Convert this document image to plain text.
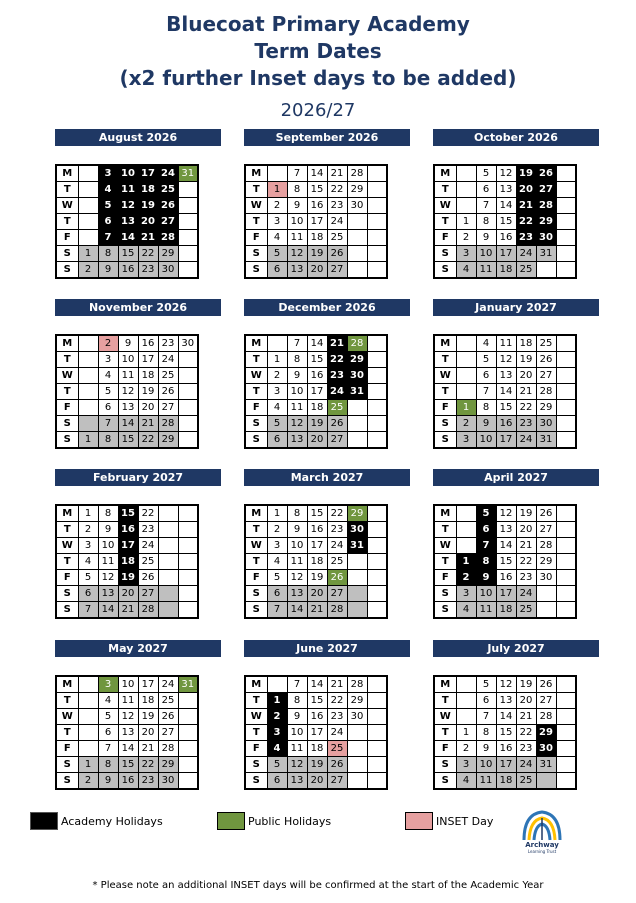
Bluecoat Primary Academy
Term Dates
(x2 further Inset days to be added)
2026/27
August 2026
M		3	10	17	24	31
T		4	11	18	25	
W		5	12	19	26	
T		6	13	20	27	
F		7	14	21	28	
S	1	8	15	22	29	
S	2	9	16	23	30	
September 2026
M		7	14	21	28	
T	1	8	15	22	29	
W	2	9	16	23	30	
T	3	10	17	24		
F	4	11	18	25		
S	5	12	19	26		
S	6	13	20	27		
October 2026
M		5	12	19	26	
T		6	13	20	27	
W		7	14	21	28	
T	1	8	15	22	29	
F	2	9	16	23	30	
S	3	10	17	24	31	
S	4	11	18	25		
November 2026
M		2	9	16	23	30
T		3	10	17	24	
W		4	11	18	25	
T		5	12	19	26	
F		6	13	20	27	
S		7	14	21	28	
S	1	8	15	22	29	
December 2026
M		7	14	21	28	
T	1	8	15	22	29	
W	2	9	16	23	30	
T	3	10	17	24	31	
F	4	11	18	25		
S	5	12	19	26		
S	6	13	20	27		
January 2027
M		4	11	18	25	
T		5	12	19	26	
W		6	13	20	27	
T		7	14	21	28	
F	1	8	15	22	29	
S	2	9	16	23	30	
S	3	10	17	24	31	
February 2027
M	1	8	15	22		
T	2	9	16	23		
W	3	10	17	24		
T	4	11	18	25		
F	5	12	19	26		
S	6	13	20	27		
S	7	14	21	28		
March 2027
M	1	8	15	22	29	
T	2	9	16	23	30	
W	3	10	17	24	31	
T	4	11	18	25		
F	5	12	19	26		
S	6	13	20	27		
S	7	14	21	28		
April 2027
M		5	12	19	26	
T		6	13	20	27	
W		7	14	21	28	
T	1	8	15	22	29	
F	2	9	16	23	30	
S	3	10	17	24		
S	4	11	18	25		
May 2027
M		3	10	17	24	31
T		4	11	18	25	
W		5	12	19	26	
T		6	13	20	27	
F		7	14	21	28	
S	1	8	15	22	29	
S	2	9	16	23	30	
June 2027
M		7	14	21	28	
T	1	8	15	22	29	
W	2	9	16	23	30	
T	3	10	17	24		
F	4	11	18	25		
S	5	12	19	26		
S	6	13	20	27		
July 2027
M		5	12	19	26	
T		6	13	20	27	
W		7	14	21	28	
T	1	8	15	22	29	
F	2	9	16	23	30	
S	3	10	17	24	31	
S	4	11	18	25		
Academy Holidays	Public Holidays	INSET Day
Archway
Learning Trust
* Please note an additional INSET days will be confirmed at the start of the Academic Year
